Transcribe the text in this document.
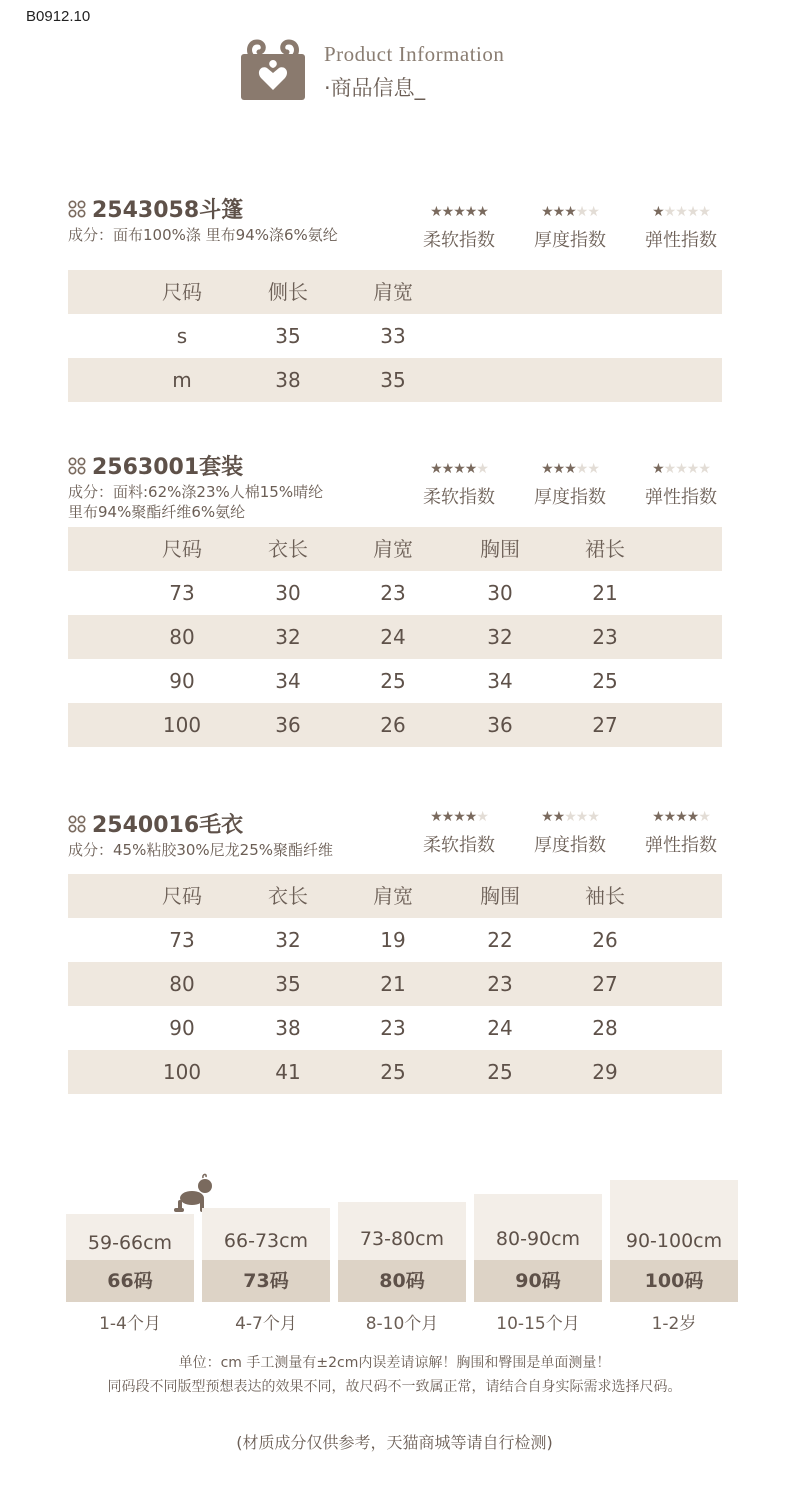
B0912.10
Product Information
·商品信息_
2543058斗篷
成分：面布100%涤 里布94%涤6%氨纶
★★★★★
柔软指数
★★★★★
厚度指数
★★★★★
弹性指数
尺码	侧长	肩宽
s	35	33
m	38	35
2563001套装
成分：面料:62%涤23%人棉15%晴纶
里布94%聚酯纤维6%氨纶
★★★★★
柔软指数
★★★★★
厚度指数
★★★★★
弹性指数
尺码	衣长	肩宽	胸围	裙长
73	30	23	30	21
80	32	24	32	23
90	34	25	34	25
100	36	26	36	27
2540016毛衣
成分：45%粘胶30%尼龙25%聚酯纤维
★★★★★
柔软指数
★★★★★
厚度指数
★★★★★
弹性指数
尺码	衣长	肩宽	胸围	袖长
73	32	19	22	26
80	35	21	23	27
90	38	23	24	28
100	41	25	25	29
59-66cm
66码
1-4个月
66-73cm
73码
4-7个月
73-80cm
80码
8-10个月
80-90cm
90码
10-15个月
90-100cm
100码
1-2岁
单位：cm 手工测量有±2cm内误差请谅解！胸围和臀围是单面测量！
同码段不同版型预想表达的效果不同，故尺码不一致属正常，请结合自身实际需求选择尺码。
(材质成分仅供参考，天猫商城等请自行检测)
